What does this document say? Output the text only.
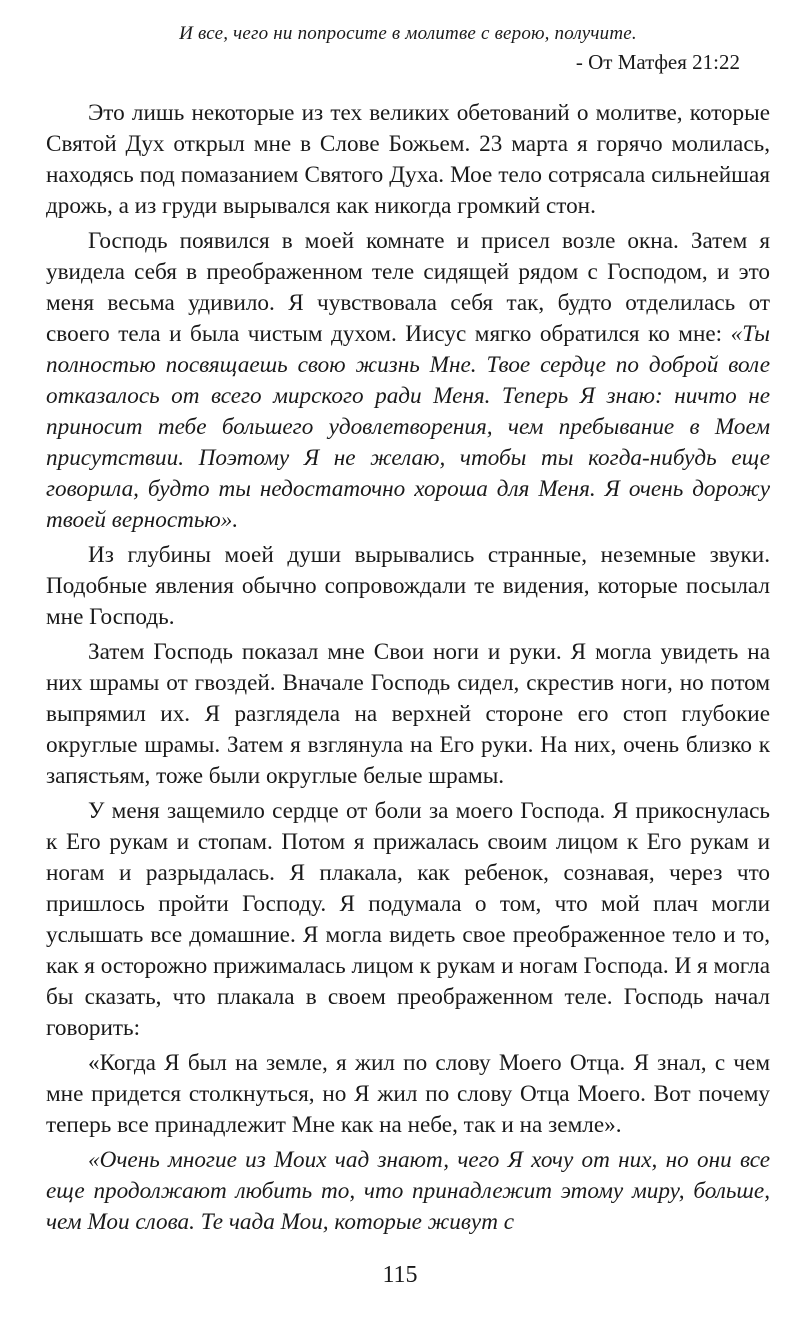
И все, чего ни попросите в молитве с верою, получите.

- От Матфея 21:22

Это лишь некоторые из тех великих обетований о молитве, которые Святой Дух открыл мне в Слове Божьем. 23 марта я горячо молилась, находясь под помазанием Святого Духа. Мое тело сотрясала сильнейшая дрожь, а из груди вырывался как никогда громкий стон.

Господь появился в моей комнате и присел возле окна. Затем я увидела себя в преображенном теле сидящей рядом с Господом, и это меня весьма удивило. Я чувствовала себя так, будто отделилась от своего тела и была чистым духом. Иисус мягко обратился ко мне: «Ты полностью посвящаешь свою жизнь Мне. Твое сердце по доброй воле отказалось от всего мирского ради Меня. Теперь Я знаю: ничто не приносит тебе большего удовлетворения, чем пребывание в Моем присутствии. Поэтому Я не желаю, чтобы ты когда-нибудь еще говорила, будто ты недостаточно хороша для Меня. Я очень дорожу твоей верностью».

Из глубины моей души вырывались странные, неземные звуки. Подобные явления обычно сопровождали те видения, которые посылал мне Господь.

Затем Господь показал мне Свои ноги и руки. Я могла увидеть на них шрамы от гвоздей. Вначале Господь сидел, скрестив ноги, но потом выпрямил их. Я разглядела на верхней стороне его стоп глубокие округлые шрамы. Затем я взглянула на Его руки. На них, очень близко к запястьям, тоже были округлые белые шрамы.

У меня защемило сердце от боли за моего Господа. Я прикоснулась к Его рукам и стопам. Потом я прижалась своим лицом к Его рукам и ногам и разрыдалась. Я плакала, как ребенок, сознавая, через что пришлось пройти Господу. Я подумала о том, что мой плач могли услышать все домашние. Я могла видеть свое преображенное тело и то, как я осторожно прижималась лицом к рукам и ногам Господа. И я могла бы сказать, что плакала в своем преображенном теле. Господь начал говорить:

«Когда Я был на земле, я жил по слову Моего Отца. Я знал, с чем мне придется столкнуться, но Я жил по слову Отца Моего. Вот почему теперь все принадлежит Мне как на небе, так и на земле».

«Очень многие из Моих чад знают, чего Я хочу от них, но они все еще продолжают любить то, что принадлежит этому миру, больше, чем Мои слова. Те чада Мои, которые живут с

115
